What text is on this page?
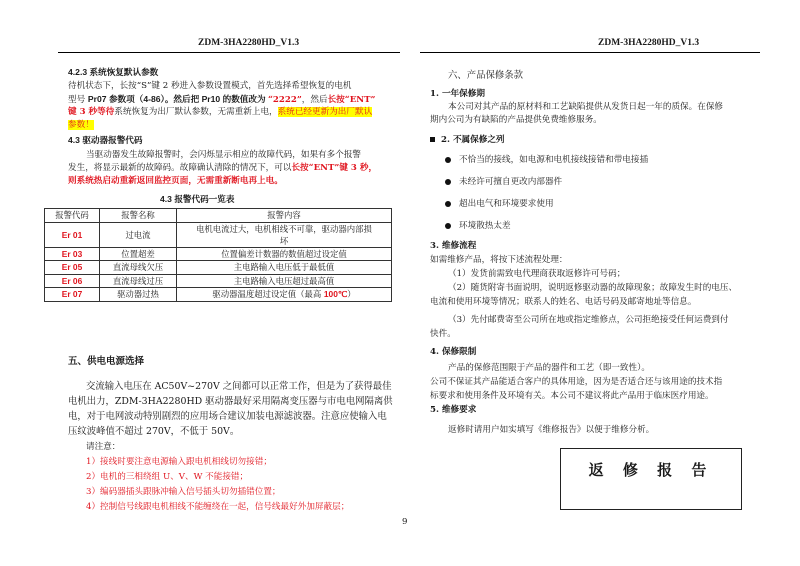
ZDM-3HA2280HD_V1.3	ZDM-3HA2280HD_V1.3
4.2.3 系统恢复默认参数
待机状态下，长按“S”键 2 秒进入参数设置模式，首先选择希望恢复的电机
型号 Pr07 参数项（4-86）。然后把 Pr10 的数值改为 “2222”，然后长按“ENT”
键 3 秒等待系统恢复为出厂默认参数，无需重新上电，系统已经更新为出厂默认
参数！
4.3 驱动器报警代码
当驱动器发生故障报警时，会闪烁显示相应的故障代码，如果有多个报警
发生，将显示最新的故障码。故障确认清除的情况下，可以长按“ENT”键 3 秒，
则系统热启动重新返回监控页面，无需重新断电再上电。
4.3 报警代码一览表
报警代码	报警名称	报警内容
Er 01	过电流	电机电流过大，电机相线不可靠，驱动器内部损
坏
Er 03	位置超差	位置偏差计数器的数值超过设定值
Er 05	直流母线欠压	主电路输入电压低于最低值
Er 06	直流母线过压	主电路输入电压超过最高值
Er 07	驱动器过热	驱动器温度超过设定值（最高 100℃）
五、供电电源选择
交流输入电压在 AC50V~270V 之间都可以正常工作，但是为了获得最佳
电机出力，ZDM-3HA2280HD 驱动器最好采用隔离变压器与市电电网隔离供
电，对于电网波动特别剧烈的应用场合建议加装电源滤波器。注意应使输入电
压纹波峰值不超过 270V，不低于 50V。
请注意：
1）接线时要注意电源输入跟电机相线切勿接错；
2）电机的三相绕组 U、V、W 不能接错；
3）编码器插头跟脉冲输入信号插头切勿插错位置；
4）控制信号线跟电机相线不能缠绕在一起，信号线最好外加屏蔽层；
9
六、产品保修条款
1. 一年保修期
本公司对其产品的原材料和工艺缺陷提供从发货日起一年的质保。在保修
期内公司为有缺陷的产品提供免费维修服务。
2. 不属保修之列
不恰当的接线，如电源和电机接线接错和带电接插
未经许可擅自更改内部器件
超出电气和环境要求使用
环境散热太差
3. 维修流程
如需维修产品，将按下述流程处理：
（1）发货前需致电代理商获取返修许可号码；
（2）随货附寄书面说明，说明返修驱动器的故障现象；故障发生时的电压、
电流和使用环境等情况；联系人的姓名、电话号码及邮寄地址等信息。
（3）先付邮费寄至公司所在地或指定维修点，公司拒绝接受任何运费到付
快件。
4. 保修限制
产品的保修范围限于产品的器件和工艺（即一致性）。
公司不保证其产品能适合客户的具体用途，因为是否适合还与该用途的技术指
标要求和使用条件及环境有关。本公司不建议将此产品用于临床医疗用途。
5. 维修要求
返修时请用户如实填写《维修报告》以便于维修分析。
返 修 报 告
